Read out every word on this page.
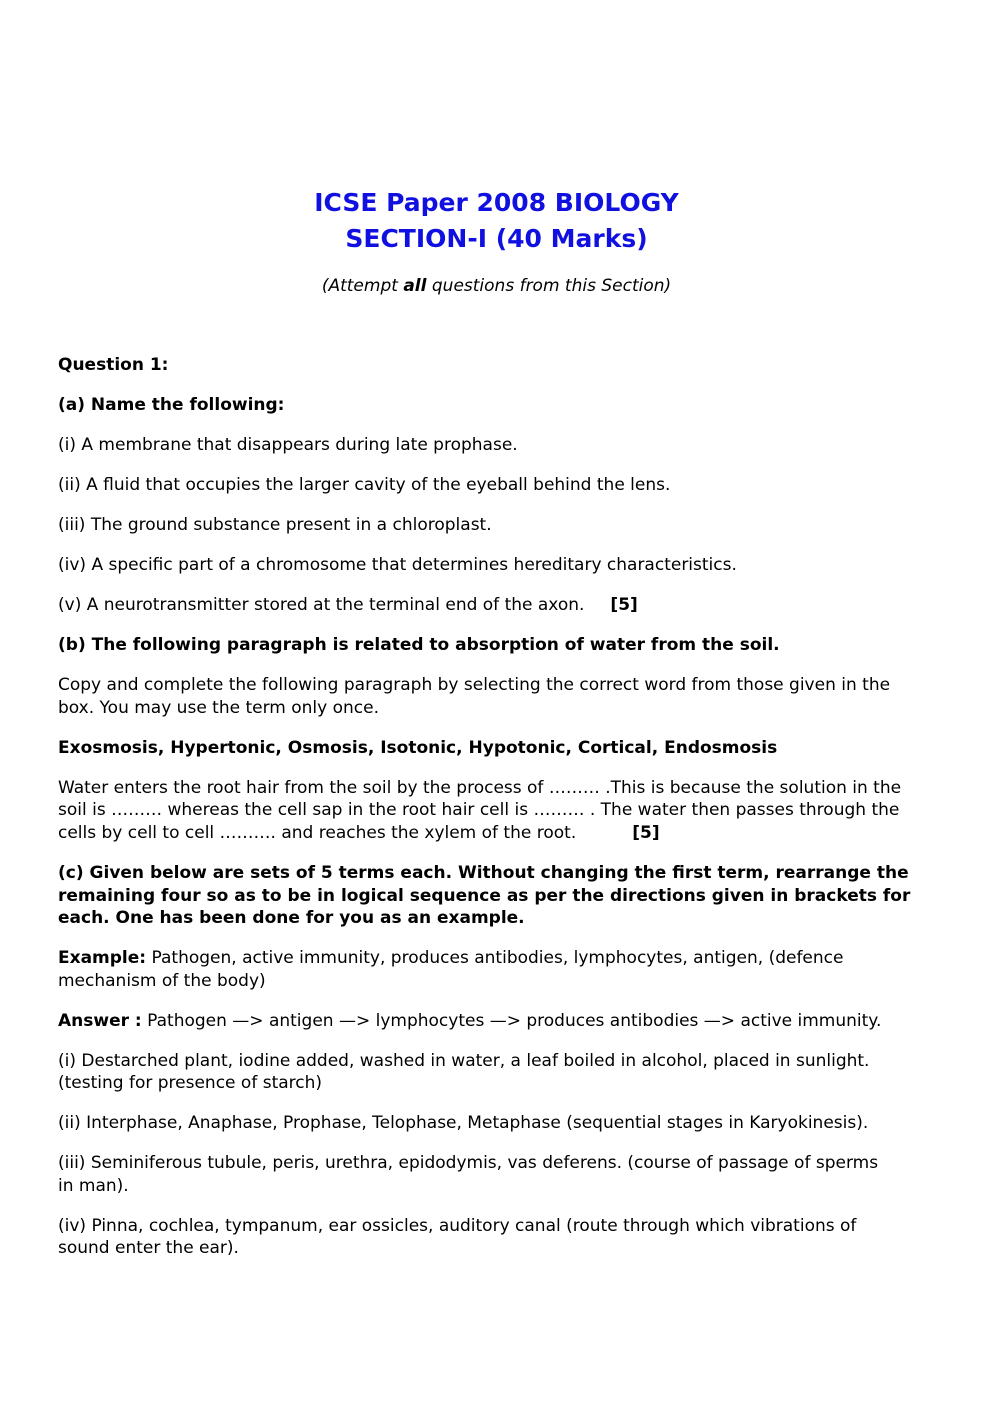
ICSE Paper 2008 BIOLOGY
SECTION-I (40 Marks)
(Attempt all questions from this Section)
Question 1:
(a) Name the following:
(i) A membrane that disappears during late prophase.
(ii) A fluid that occupies the larger cavity of the eyeball behind the lens.
(iii) The ground substance present in a chloroplast.
(iv) A specific part of a chromosome that determines hereditary characteristics.
(v) A neurotransmitter stored at the terminal end of the axon. [5]
(b) The following paragraph is related to absorption of water from the soil.
Copy and complete the following paragraph by selecting the correct word from those given in the
box. You may use the term only once.
Exosmosis, Hypertonic, Osmosis, Isotonic, Hypotonic, Cortical, Endosmosis
Water enters the root hair from the soil by the process of ……… .This is because the solution in the
soil is ……… whereas the cell sap in the root hair cell is ……… . The water then passes through the
cells by cell to cell ………. and reaches the xylem of the root.	[5]
(c) Given below are sets of 5 terms each. Without changing the first term, rearrange the
remaining four so as to be in logical sequence as per the directions given in brackets for
each. One has been done for you as an example.
Example: Pathogen, active immunity, produces antibodies, lymphocytes, antigen, (defence
mechanism of the body)
Answer : Pathogen —> antigen —> lymphocytes —> produces antibodies —> active immunity.
(i) Destarched plant, iodine added, washed in water, a leaf boiled in alcohol, placed in sunlight.
(testing for presence of starch)
(ii) Interphase, Anaphase, Prophase, Telophase, Metaphase (sequential stages in Karyokinesis).
(iii) Seminiferous tubule, peris, urethra, epidodymis, vas deferens. (course of passage of sperms
in man).
(iv) Pinna, cochlea, tympanum, ear ossicles, auditory canal (route through which vibrations of
sound enter the ear).
